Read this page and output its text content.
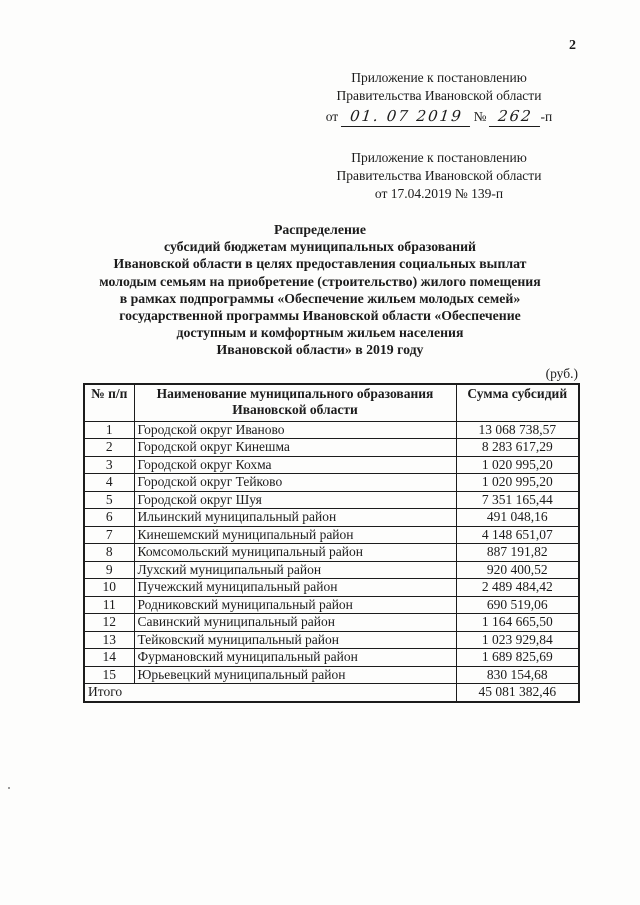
2
Приложение к постановлению
Правительства Ивановской области
от 01. 07 2019 № 262 -п
Приложение к постановлению
Правительства Ивановской области
от 17.04.2019 № 139-п
Распределение
субсидий бюджетам муниципальных образований
Ивановской области в целях предоставления социальных выплат
молодым семьям на приобретение (строительство) жилого помещения
в рамках подпрограммы «Обеспечение жильем молодых семей»
государственной программы Ивановской области «Обеспечение
доступным и комфортным жильем населения
Ивановской области» в 2019 году
(руб.)
№ п/п	Наименование муниципального образования Ивановской области	Сумма субсидий
1	Городской округ Иваново	13 068 738,57
2	Городской округ Кинешма	8 283 617,29
3	Городской округ Кохма	1 020 995,20
4	Городской округ Тейково	1 020 995,20
5	Городской округ Шуя	7 351 165,44
6	Ильинский муниципальный район	491 048,16
7	Кинешемский муниципальный район	4 148 651,07
8	Комсомольский муниципальный район	887 191,82
9	Лухский муниципальный район	920 400,52
10	Пучежский муниципальный район	2 489 484,42
11	Родниковский муниципальный район	690 519,06
12	Савинский муниципальный район	1 164 665,50
13	Тейковский муниципальный район	1 023 929,84
14	Фурмановский муниципальный район	1 689 825,69
15	Юрьевецкий муниципальный район	830 154,68
Итого		45 081 382,46
